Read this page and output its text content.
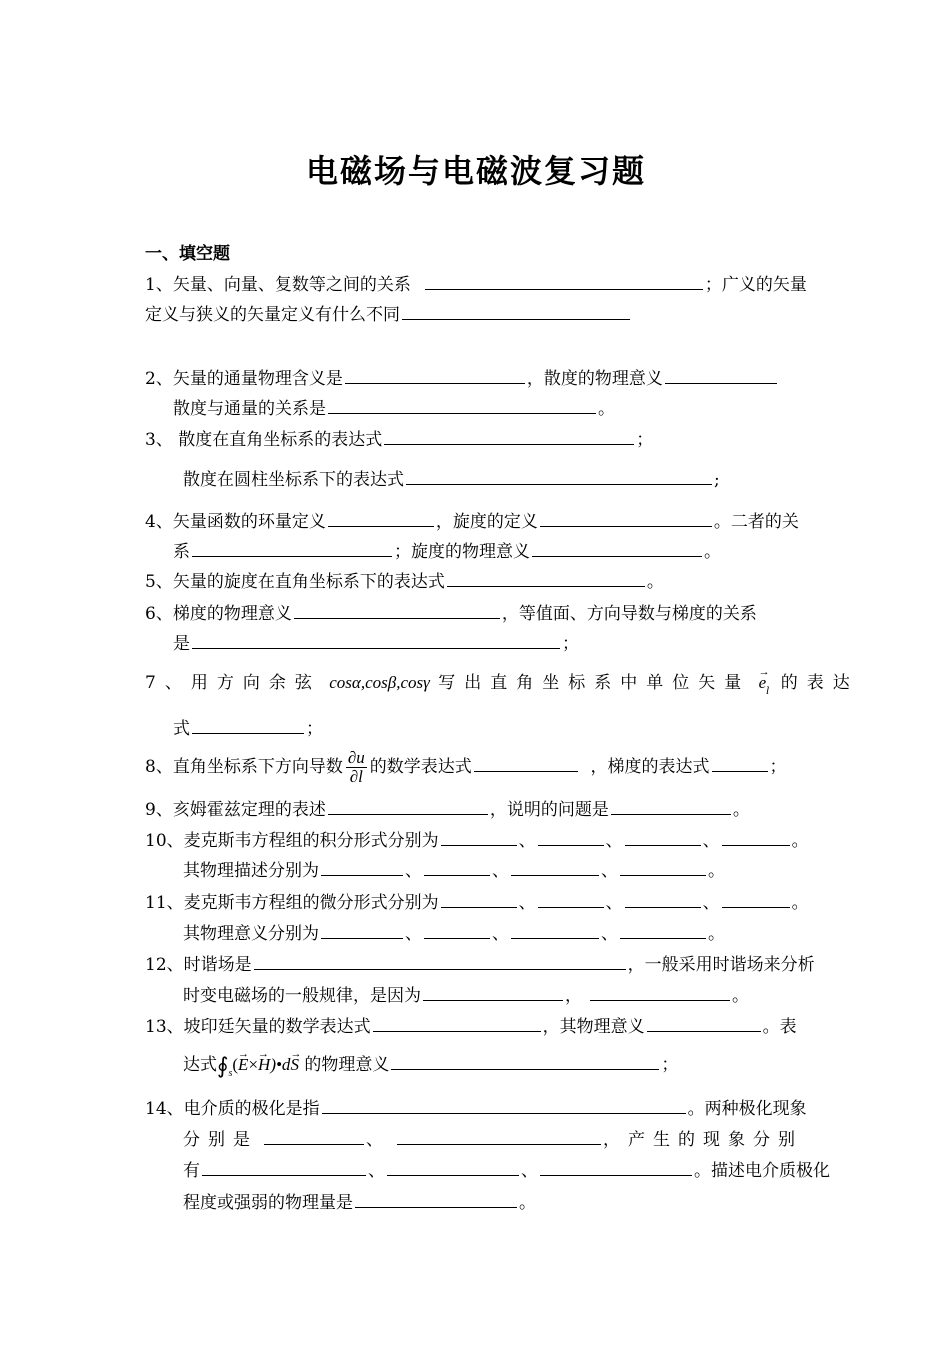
电磁场与电磁波复习题
一、填空题
1、矢量、向量、复数等之间的关系	；广义的矢量
定义与狭义的矢量定义有什么不同
2、矢量的通量物理含义是	，散度的物理意义
散度与通量的关系是	。
3、 散度在直角坐标系的表达式	；
散度在圆柱坐标系下的表达式	;
4、矢量函数的环量定义	，旋度的定义	。二者的关
系	；旋度的物理意义	。
5、矢量的旋度在直角坐标系下的表达式	。
6、梯度的物理意义	，等值面、方向导数与梯度的关系
是	；
7、用方向余弦 cosα,cosβ,cosγ 写出直角坐标系中单位矢量 → $e_l$ 的表达
式	；
8、直角坐标系下方向导数 $\frac{\partial u}{\partial l}$ 的数学表达式	，梯度的表达式	；
9、亥姆霍兹定理的表述	，说明的问题是	。
10、麦克斯韦方程组的积分形式分别为	、	、	、	。
其物理描述分别为	、	、	、	。
11、麦克斯韦方程组的微分形式分别为	、	、	、	。
其物理意义分别为	、	、	、	。
12、时谐场是	，一般采用时谐场来分析
时变电磁场的一般规律，是因为	，	。
13、坡印廷矢量的数学表达式	，其物理意义	。表
达式$∮_s(\to E\times\to$ H)•d→ S 的物理意义	；
14、电介质的极化是指	。两种极化现象
分别是	、	，产生的现象分别
有	、	、	。描述电介质极化
程度或强弱的物理量是	。
